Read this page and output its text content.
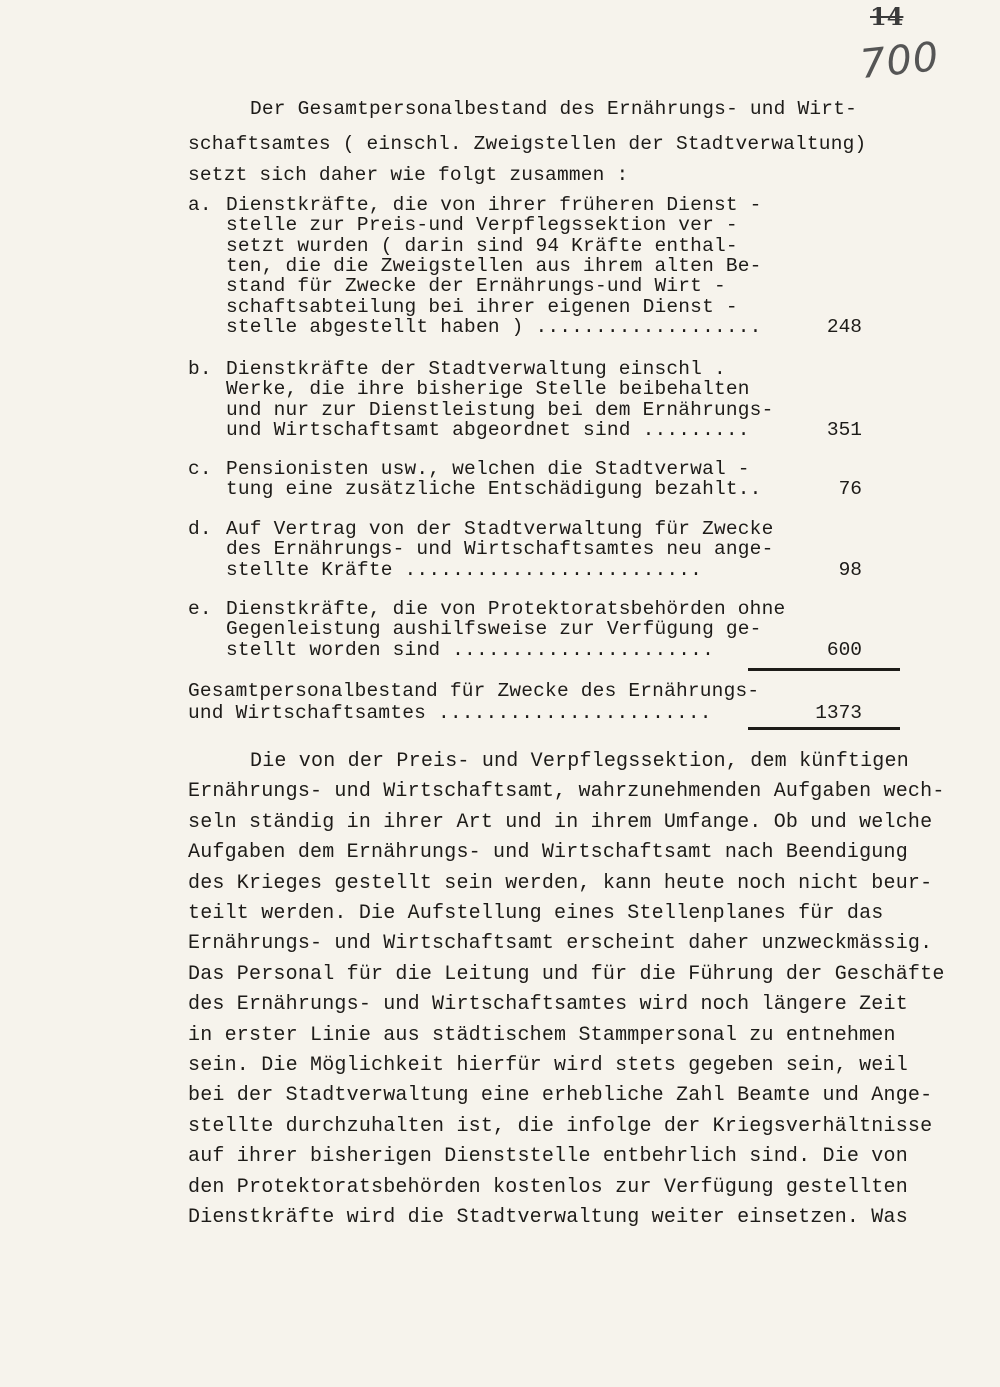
14
700
Der Gesamtpersonalbestand des Ernährungs- und Wirt-
schaftsamtes ( einschl. Zweigstellen der Stadtverwaltung)
setzt sich daher wie folgt zusammen :
a. Dienstkräfte, die von ihrer früheren Dienst -
stelle zur Preis-und Verpflegssektion ver -
setzt wurden ( darin sind 94 Kräfte enthal-
ten, die die Zweigstellen aus ihrem alten Be-
stand für Zwecke der Ernährungs-und Wirt -
schaftsabteilung bei ihrer eigenen Dienst -
stelle abgestellt haben ) ...................	248
b. Dienstkräfte der Stadtverwaltung einschl .
Werke, die ihre bisherige Stelle beibehalten
und nur zur Dienstleistung bei dem Ernährungs-
und Wirtschaftsamt abgeordnet sind .........	351
c. Pensionisten usw., welchen die Stadtverwal -
tung eine zusätzliche Entschädigung bezahlt..	76
d. Auf Vertrag von der Stadtverwaltung für Zwecke
des Ernährungs- und Wirtschaftsamtes neu ange-
stellte Kräfte .........................	98
e. Dienstkräfte, die von Protektoratsbehörden ohne
Gegenleistung aushilfsweise zur Verfügung ge-
stellt worden sind ......................	600
Gesamtpersonalbestand für Zwecke des Ernährungs-
und Wirtschaftsamtes .......................	1373
Die von der Preis- und Verpflegssektion, dem künftigen
Ernährungs- und Wirtschaftsamt, wahrzunehmenden Aufgaben wech-
seln ständig in ihrer Art und in ihrem Umfange. Ob und welche
Aufgaben dem Ernährungs- und Wirtschaftsamt nach Beendigung
des Krieges gestellt sein werden, kann heute noch nicht beur-
teilt werden. Die Aufstellung eines Stellenplanes für das
Ernährungs- und Wirtschaftsamt erscheint daher unzweckmässig.
Das Personal für die Leitung und für die Führung der Geschäfte
des Ernährungs- und Wirtschaftsamtes wird noch längere Zeit
in erster Linie aus städtischem Stammpersonal zu entnehmen
sein. Die Möglichkeit hierfür wird stets gegeben sein, weil
bei der Stadtverwaltung eine erhebliche Zahl Beamte und Ange-
stellte durchzuhalten ist, die infolge der Kriegsverhältnisse
auf ihrer bisherigen Dienststelle entbehrlich sind. Die von
den Protektoratsbehörden kostenlos zur Verfügung gestellten
Dienstkräfte wird die Stadtverwaltung weiter einsetzen. Was
